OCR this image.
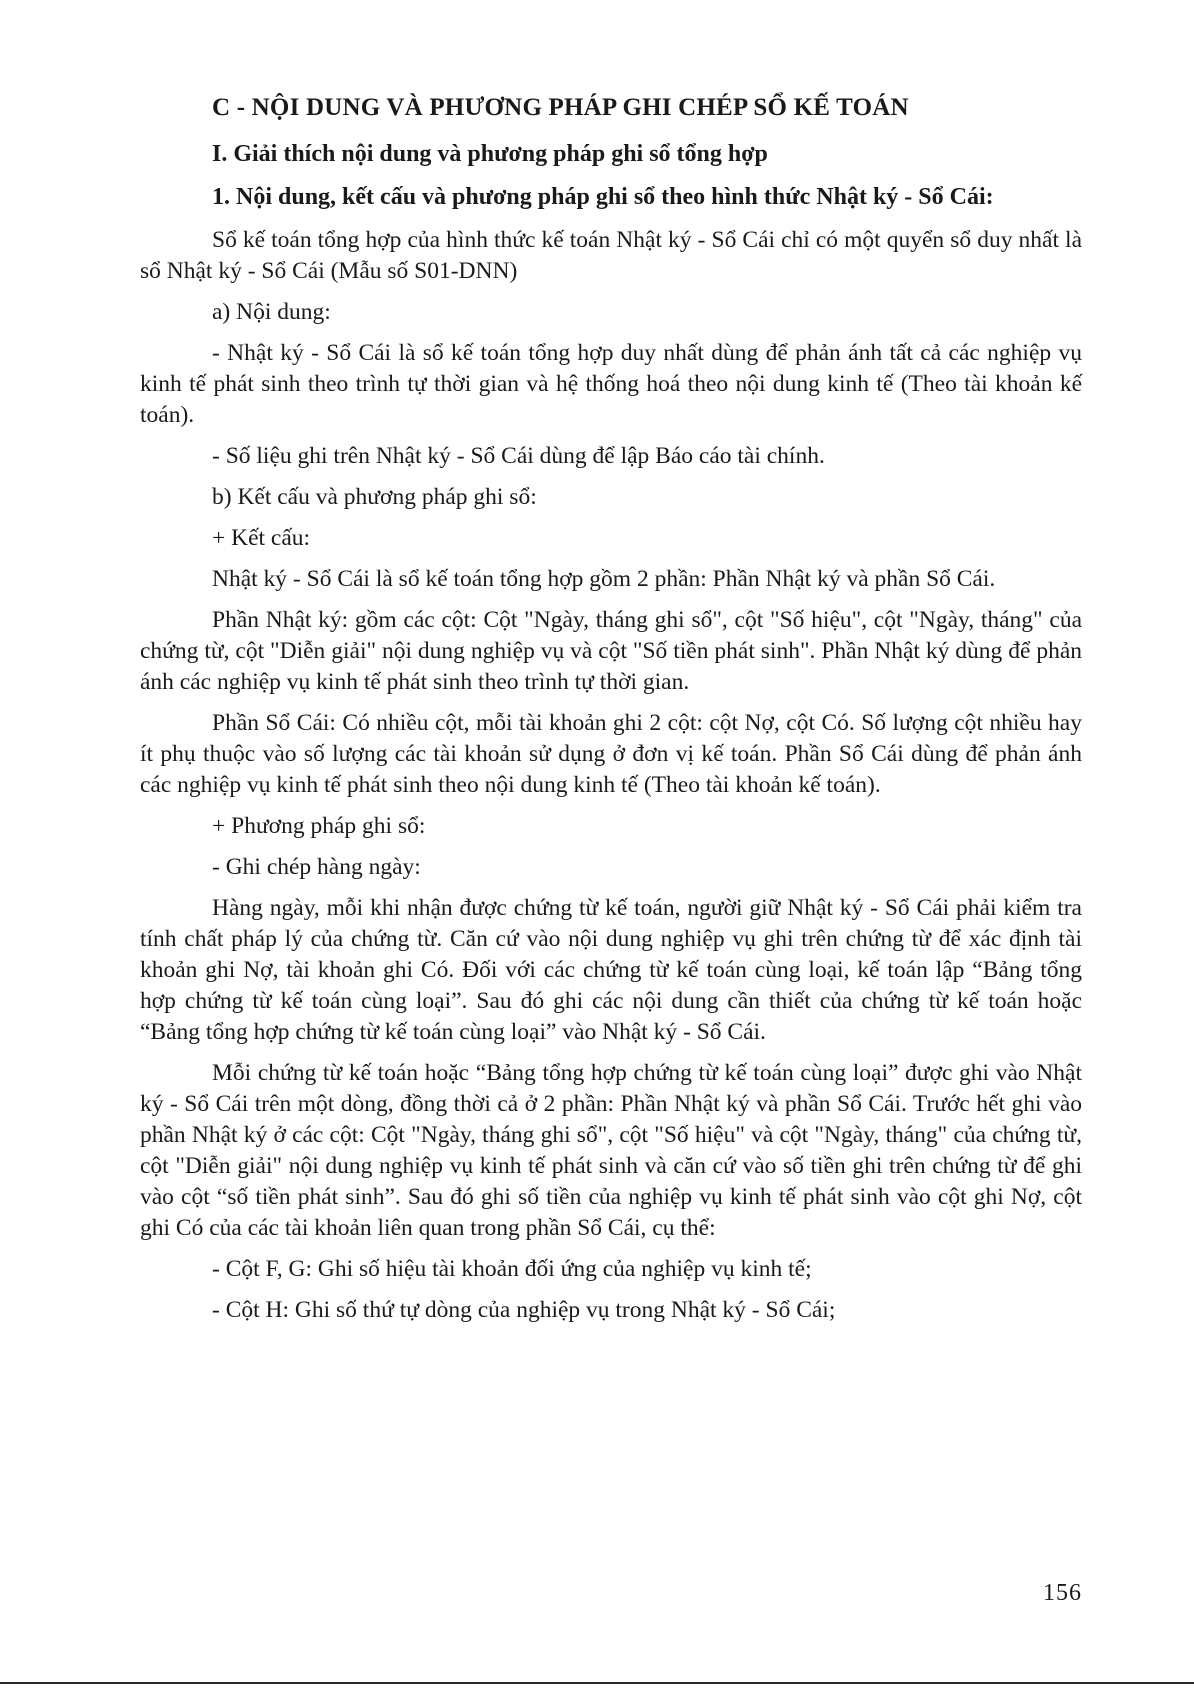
C - NỘI DUNG VÀ PHƯƠNG PHÁP GHI CHÉP SỔ KẾ TOÁN
I. Giải thích nội dung và phương pháp ghi sổ tổng hợp
1. Nội dung, kết cấu và phương pháp ghi sổ theo hình thức Nhật ký - Sổ Cái:

Sổ kế toán tổng hợp của hình thức kế toán Nhật ký - Sổ Cái chỉ có một quyển sổ duy nhất là sổ Nhật ký - Sổ Cái (Mẫu số S01-DNN)

a) Nội dung:

- Nhật ký - Sổ Cái là sổ kế toán tổng hợp duy nhất dùng để phản ánh tất cả các nghiệp vụ kinh tế phát sinh theo trình tự thời gian và hệ thống hoá theo nội dung kinh tế (Theo tài khoản kế toán).

- Số liệu ghi trên Nhật ký - Sổ Cái dùng để lập Báo cáo tài chính.

b) Kết cấu và phương pháp ghi sổ:

+ Kết cấu:

Nhật ký - Sổ Cái là sổ kế toán tổng hợp gồm 2 phần: Phần Nhật ký và phần Sổ Cái.

Phần Nhật ký: gồm các cột: Cột "Ngày, tháng ghi sổ", cột "Số hiệu", cột "Ngày, tháng" của chứng từ, cột "Diễn giải" nội dung nghiệp vụ và cột "Số tiền phát sinh". Phần Nhật ký dùng để phản ánh các nghiệp vụ kinh tế phát sinh theo trình tự thời gian.

Phần Sổ Cái: Có nhiều cột, mỗi tài khoản ghi 2 cột: cột Nợ, cột Có. Số lượng cột nhiều hay ít phụ thuộc vào số lượng các tài khoản sử dụng ở đơn vị kế toán. Phần Sổ Cái dùng để phản ánh các nghiệp vụ kinh tế phát sinh theo nội dung kinh tế (Theo tài khoản kế toán).

+ Phương pháp ghi sổ:

- Ghi chép hàng ngày:

Hàng ngày, mỗi khi nhận được chứng từ kế toán, người giữ Nhật ký - Sổ Cái phải kiểm tra tính chất pháp lý của chứng từ. Căn cứ vào nội dung nghiệp vụ ghi trên chứng từ để xác định tài khoản ghi Nợ, tài khoản ghi Có. Đối với các chứng từ kế toán cùng loại, kế toán lập “Bảng tổng hợp chứng từ kế toán cùng loại”. Sau đó ghi các nội dung cần thiết của chứng từ kế toán hoặc “Bảng tổng hợp chứng từ kế toán cùng loại” vào Nhật ký - Sổ Cái.

Mỗi chứng từ kế toán hoặc “Bảng tổng hợp chứng từ kế toán cùng loại” được ghi vào Nhật ký - Sổ Cái trên một dòng, đồng thời cả ở 2 phần: Phần Nhật ký và phần Sổ Cái. Trước hết ghi vào phần Nhật ký ở các cột: Cột "Ngày, tháng ghi sổ", cột "Số hiệu" và cột "Ngày, tháng" của chứng từ, cột "Diễn giải" nội dung nghiệp vụ kinh tế phát sinh và căn cứ vào số tiền ghi trên chứng từ để ghi vào cột “số tiền phát sinh”. Sau đó ghi số tiền của nghiệp vụ kinh tế phát sinh vào cột ghi Nợ, cột ghi Có của các tài khoản liên quan trong phần Sổ Cái, cụ thể:

- Cột F, G: Ghi số hiệu tài khoản đối ứng của nghiệp vụ kinh tế;

- Cột H: Ghi số thứ tự dòng của nghiệp vụ trong Nhật ký - Sổ Cái;

156
